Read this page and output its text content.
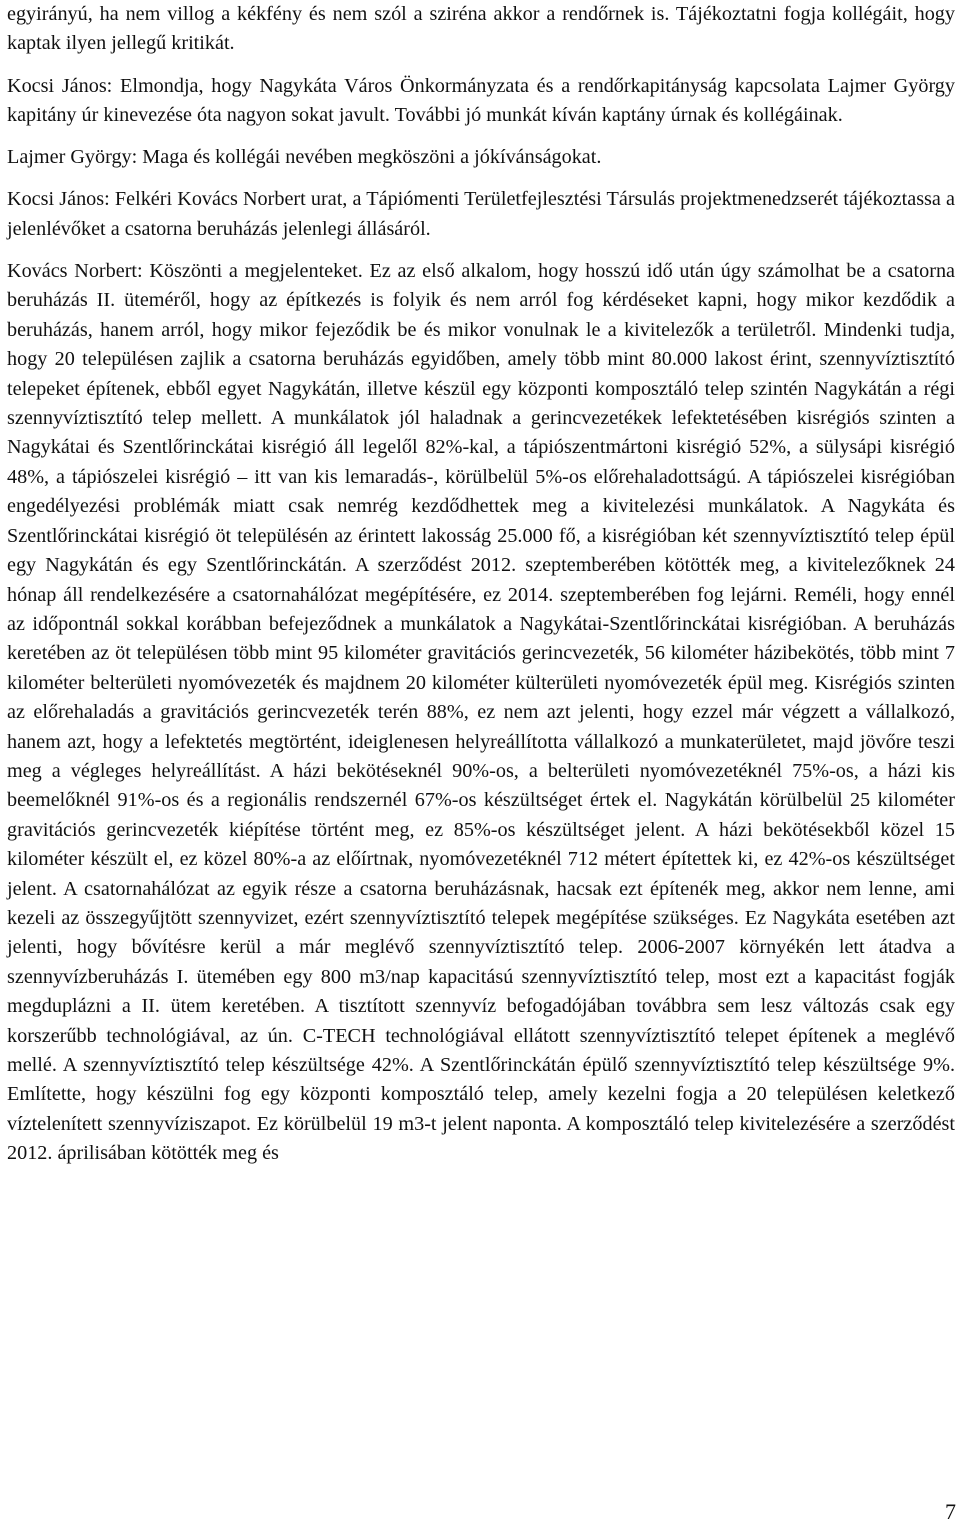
egyirányú, ha nem villog a kékfény és nem szól a sziréna akkor a rendőrnek is. Tájékoztatni fogja kollégáit, hogy kaptak ilyen jellegű kritikát.

Kocsi János: Elmondja, hogy Nagykáta Város Önkormányzata és a rendőrkapitányság kapcsolata Lajmer György kapitány úr kinevezése óta nagyon sokat javult. További jó munkát kíván kaptány úrnak és kollégáinak.

Lajmer György: Maga és kollégái nevében megköszöni a jókívánságokat.

Kocsi János: Felkéri Kovács Norbert urat, a Tápiómenti Területfejlesztési Társulás projektmenedzserét tájékoztassa a jelenlévőket a csatorna beruházás jelenlegi állásáról.

Kovács Norbert: Köszönti a megjelenteket. Ez az első alkalom, hogy hosszú idő után úgy számolhat be a csatorna beruházás II. üteméről, hogy az építkezés is folyik és nem arról fog kérdéseket kapni, hogy mikor kezdődik a beruházás, hanem arról, hogy mikor fejeződik be és mikor vonulnak le a kivitelezők a területről. Mindenki tudja, hogy 20 településen zajlik a csatorna beruházás egyidőben, amely több mint 80.000 lakost érint, szennyvíztisztító telepeket építenek, ebből egyet Nagykátán, illetve készül egy központi komposztáló telep szintén Nagykátán a régi szennyvíztisztító telep mellett. A munkálatok jól haladnak a gerincvezetékek lefektetésében kisrégiós szinten a Nagykátai és Szentlőrinckátai kisrégió áll legelől 82%-kal, a tápiószentmártoni kisrégió 52%, a sülysápi kisrégió 48%, a tápiószelei kisrégió – itt van kis lemaradás-, körülbelül 5%-os előrehaladottságú. A tápiószelei kisrégióban engedélyezési problémák miatt csak nemrég kezdődhettek meg a kivitelezési munkálatok. A Nagykáta és Szentlőrinckátai kisrégió öt településén az érintett lakosság 25.000 fő, a kisrégióban két szennyvíztisztító telep épül egy Nagykátán és egy Szentlőrinckátán. A szerződést 2012. szeptemberében kötötték meg, a kivitelezőknek 24 hónap áll rendelkezésére a csatornahálózat megépítésére, ez 2014. szeptemberében fog lejárni. Reméli, hogy ennél az időpontnál sokkal korábban befejeződnek a munkálatok a Nagykátai-Szentlőrinckátai kisrégióban. A beruházás keretében az öt településen több mint 95 kilométer gravitációs gerincvezeték, 56 kilométer házibekötés, több mint 7 kilométer belterületi nyomóvezeték és majdnem 20 kilométer külterületi nyomóvezeték épül meg. Kisrégiós szinten az előrehaladás a gravitációs gerincvezeték terén 88%, ez nem azt jelenti, hogy ezzel már végzett a vállalkozó, hanem azt, hogy a lefektetés megtörtént, ideiglenesen helyreállította vállalkozó a munkaterületet, majd jövőre teszi meg a végleges helyreállítást. A házi bekötéseknél 90%-os, a belterületi nyomóvezetéknél 75%-os, a házi kis beemelőknél 91%-os és a regionális rendszernél 67%-os készültséget értek el. Nagykátán körülbelül 25 kilométer gravitációs gerincvezeték kiépítése történt meg, ez 85%-os készültséget jelent. A házi bekötésekből közel 15 kilométer készült el, ez közel 80%-a az előírtnak, nyomóvezetéknél 712 métert építettek ki, ez 42%-os készültséget jelent. A csatornahálózat az egyik része a csatorna beruházásnak, hacsak ezt építenék meg, akkor nem lenne, ami kezeli az összegyűjtött szennyvizet, ezért szennyvíztisztító telepek megépítése szükséges. Ez Nagykáta esetében azt jelenti, hogy bővítésre kerül a már meglévő szennyvíztisztító telep. 2006-2007 környékén lett átadva a szennyvízberuházás I. ütemében egy 800 m3/nap kapacitású szennyvíztisztító telep, most ezt a kapacitást fogják megduplázni a II. ütem keretében. A tisztított szennyvíz befogadójában továbbra sem lesz változás csak egy korszerűbb technológiával, az ún. C-TECH technológiával ellátott szennyvíztisztító telepet építenek a meglévő mellé. A szennyvíztisztító telep készültsége 42%. A Szentlőrinckátán épülő szennyvíztisztító telep készültsége 9%. Említette, hogy készülni fog egy központi komposztáló telep, amely kezelni fogja a 20 településen keletkező víztelenített szennyvíziszapot. Ez körülbelül 19 m3-t jelent naponta. A komposztáló telep kivitelezésére a szerződést 2012. áprilisában kötötték meg és

7
